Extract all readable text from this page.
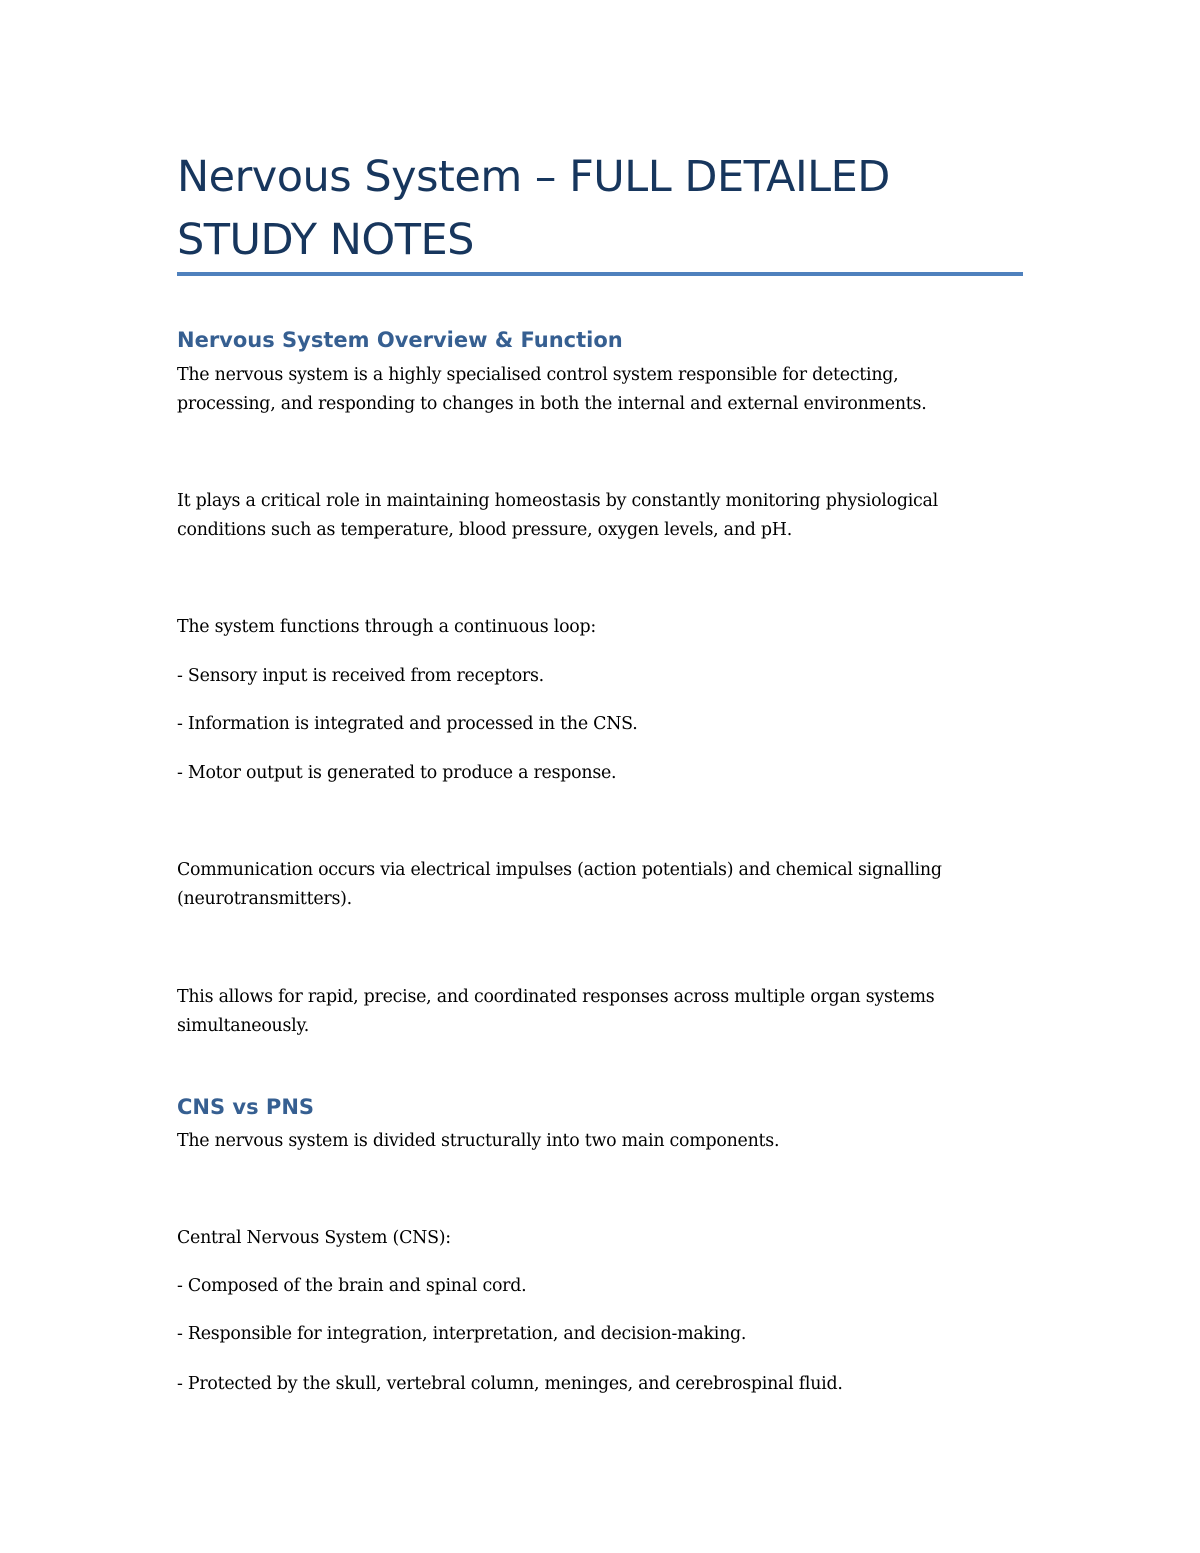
Nervous System – FULL DETAILED
STUDY NOTES
Nervous System Overview & Function

The nervous system is a highly specialised control system responsible for detecting,
processing, and responding to changes in both the internal and external environments.

It plays a critical role in maintaining homeostasis by constantly monitoring physiological
conditions such as temperature, blood pressure, oxygen levels, and pH.

The system functions through a continuous loop:

- Sensory input is received from receptors.

- Information is integrated and processed in the CNS.

- Motor output is generated to produce a response.

Communication occurs via electrical impulses (action potentials) and chemical signalling
(neurotransmitters).

This allows for rapid, precise, and coordinated responses across multiple organ systems
simultaneously.

CNS vs PNS

The nervous system is divided structurally into two main components.

Central Nervous System (CNS):

- Composed of the brain and spinal cord.

- Responsible for integration, interpretation, and decision-making.

- Protected by the skull, vertebral column, meninges, and cerebrospinal fluid.
